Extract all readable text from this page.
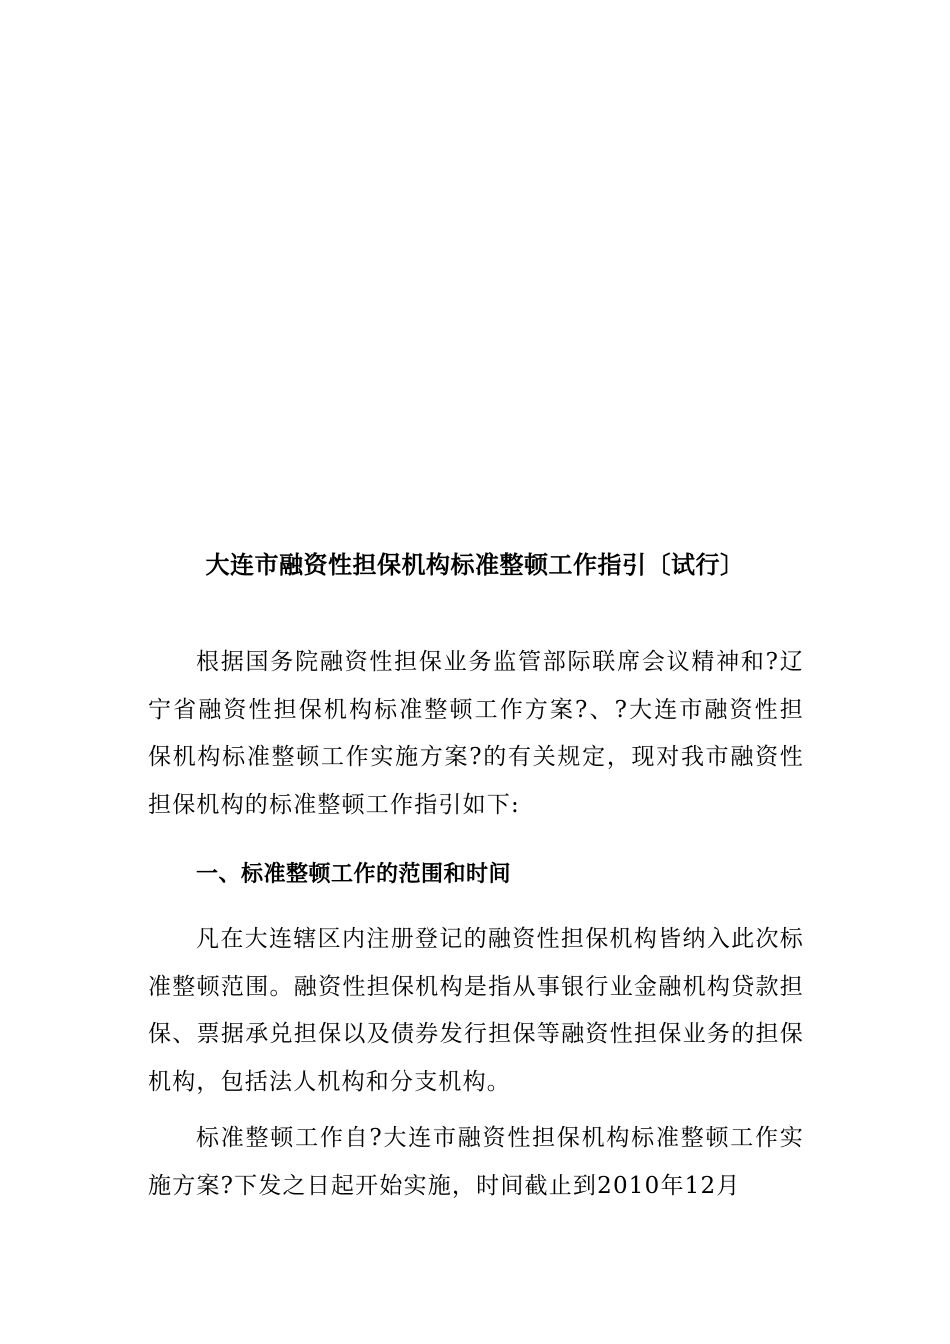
大连市融资性担保机构标准整顿工作指引〔试行〕

根据国务院融资性担保业务监管部际联席会议精神和?辽宁省融资性担保机构标准整顿工作方案?、?大连市融资性担保机构标准整顿工作实施方案?的有关规定，现对我市融资性担保机构的标准整顿工作指引如下:

一、标准整顿工作的范围和时间

凡在大连辖区内注册登记的融资性担保机构皆纳入此次标准整顿范围。融资性担保机构是指从事银行业金融机构贷款担保、票据承兑担保以及债券发行担保等融资性担保业务的担保机构，包括法人机构和分支机构。

标准整顿工作自?大连市融资性担保机构标准整顿工作实施方案?下发之日起开始实施，时间截止到2010年12月
